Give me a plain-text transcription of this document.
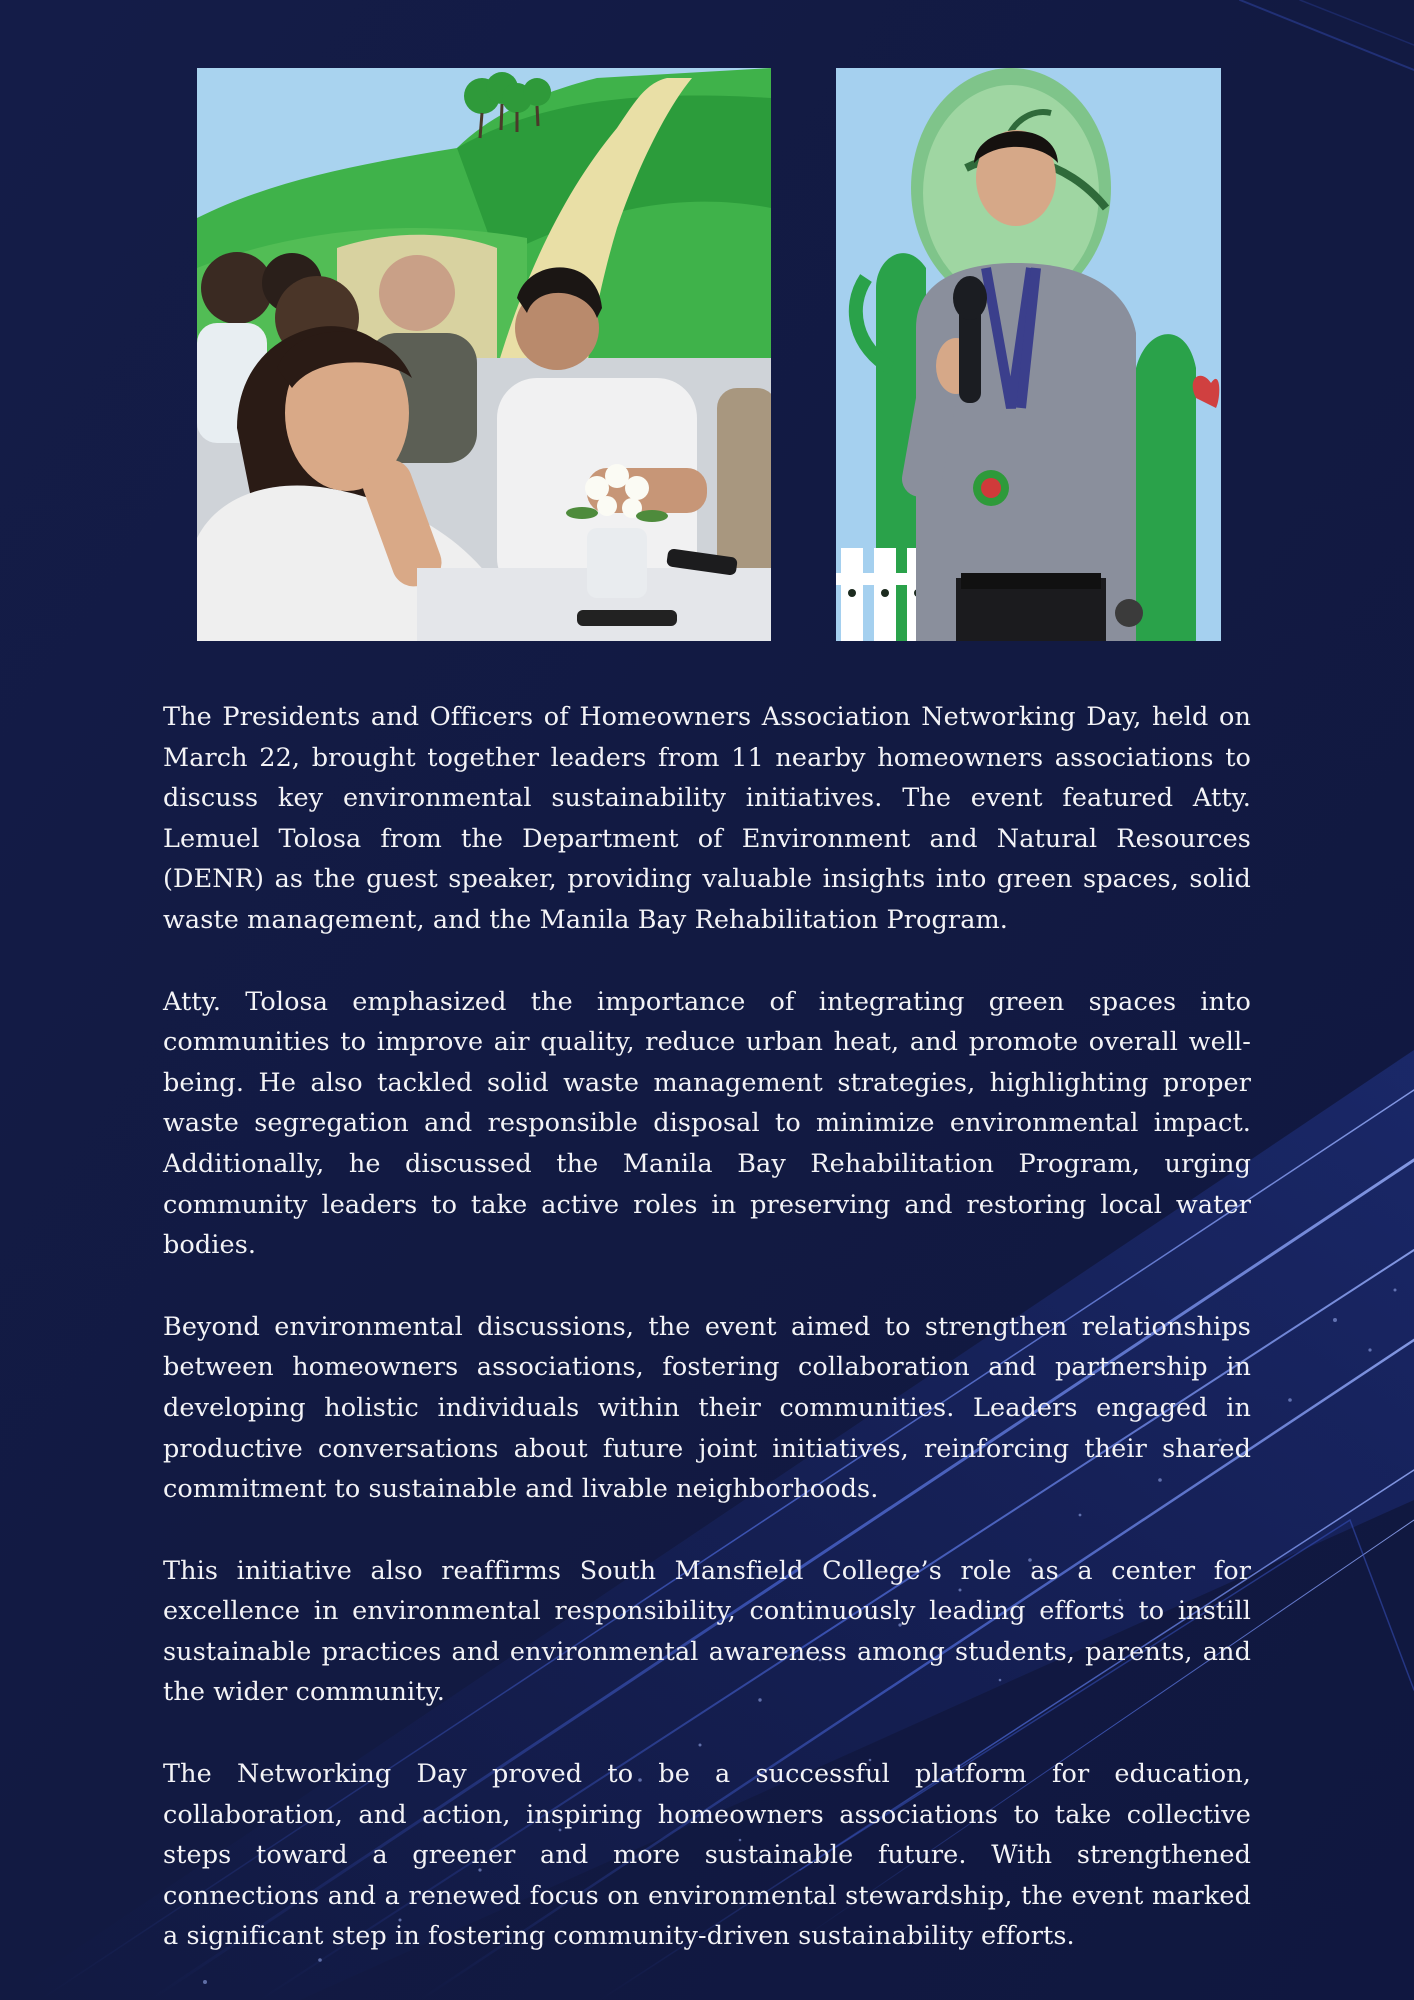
The Presidents and Officers of Homeowners Association Networking Day, held on March 22, brought together leaders from 11 nearby homeowners associations to discuss key environmental sustainability initiatives. The event featured Atty. Lemuel Tolosa from the Department of Environment and Natural Resources (DENR) as the guest speaker, providing valuable insights into green spaces, solid waste management, and the Manila Bay Rehabilitation Program.

Atty. Tolosa emphasized the importance of integrating green spaces into communities to improve air quality, reduce urban heat, and promote overall well-being. He also tackled solid waste management strategies, highlighting proper waste segregation and responsible disposal to minimize environmental impact. Additionally, he discussed the Manila Bay Rehabilitation Program, urging community leaders to take active roles in preserving and restoring local water bodies.

Beyond environmental discussions, the event aimed to strengthen relationships between homeowners associations, fostering collaboration and partnership in developing holistic individuals within their communities. Leaders engaged in productive conversations about future joint initiatives, reinforcing their shared commitment to sustainable and livable neighborhoods.

This initiative also reaffirms South Mansfield College’s role as a center for excellence in environmental responsibility, continuously leading efforts to instill sustainable practices and environmental awareness among students, parents, and the wider community.

The Networking Day proved to be a successful platform for education, collaboration, and action, inspiring homeowners associations to take collective steps toward a greener and more sustainable future. With strengthened connections and a renewed focus on environmental stewardship, the event marked a significant step in fostering community-driven sustainability efforts.
